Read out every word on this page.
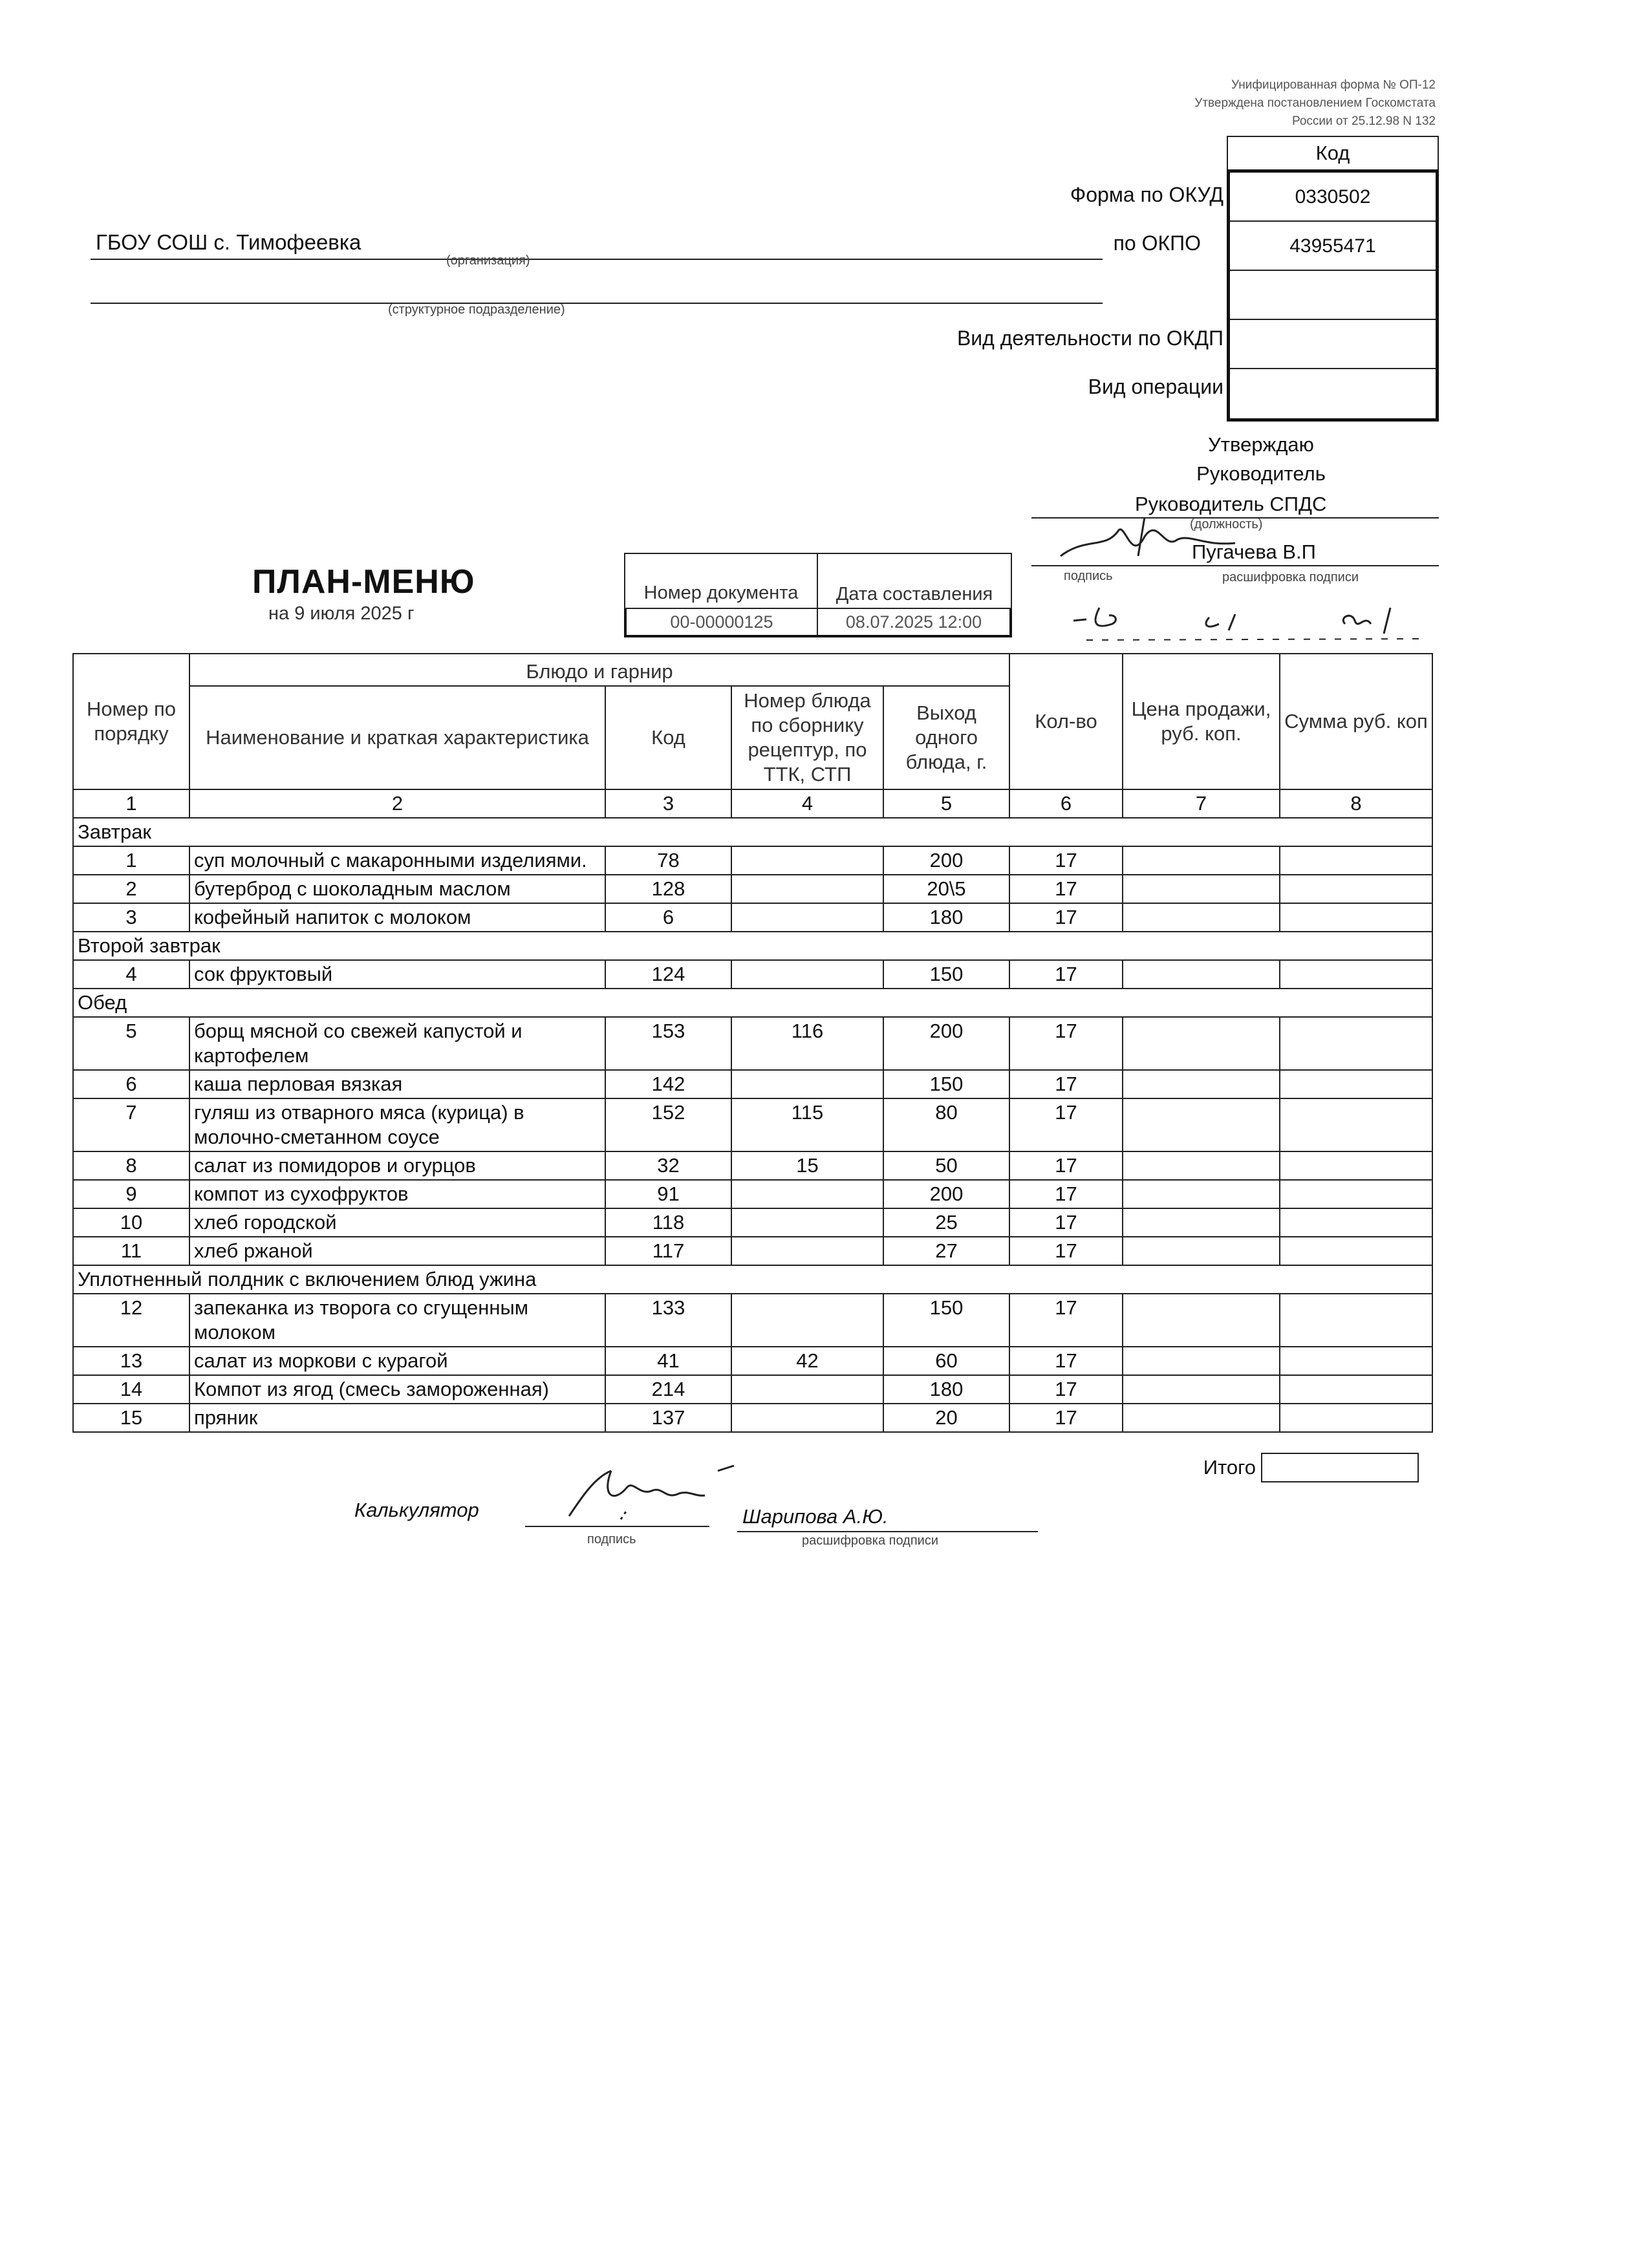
Унифицированная форма № ОП-12
Утверждена постановлением Госкомстата
России от 25.12.98 N 132
Код
0330502
43955471
Форма по ОКУД
по ОКПО
Вид деятельности по ОКДП
Вид операции
ГБОУ СОШ с. Тимофеевка
(организация)
(структурное подразделение)
Утверждаю
Руководитель
Руководитель СПДС
(должность)
Пугачева В.П
подпись	расшифровка подписи
ПЛАН-МЕНЮ
на 9 июля 2025 г
Номер документа	Дата составления
00-00000125	08.07.2025 12:00
Номер по порядку	Блюдо и гарнир				Кол-во	Цена продажи, руб. коп.	Сумма руб. коп
	Наименование и краткая характеристика	Код	Номер блюда по сборнику рецептур, по ТТК, СТП	Выход одного блюда, г.			
1	2	3	4	5	6	7	8
Завтрак							
1	суп молочный с макаронными изделиями.	78		200	17		
2	бутерброд с шоколадным маслом	128		20\5	17		
3	кофейный напиток с молоком	6		180	17		
Второй завтрак							
4	сок фруктовый	124		150	17		
Обед							
5	борщ мясной со свежей капустой и картофелем	153	116	200	17		
6	каша перловая вязкая	142		150	17		
7	гуляш из отварного мяса (курица) в молочно-сметанном соусе	152	115	80	17		
8	салат из помидоров и огурцов	32	15	50	17		
9	компот из сухофруктов	91		200	17		
10	хлеб городской	118		25	17		
11	хлеб ржаной	117		27	17		
Уплотненный полдник с включением блюд ужина							
12	запеканка из творога со сгущенным молоком	133		150	17		
13	салат из моркови с курагой	41	42	60	17		
14	Компот из ягод (смесь замороженная)	214		180	17		
15	пряник	137		20	17		
Итого
Калькулятор	Шарипова А.Ю.
подпись	расшифровка подписи
